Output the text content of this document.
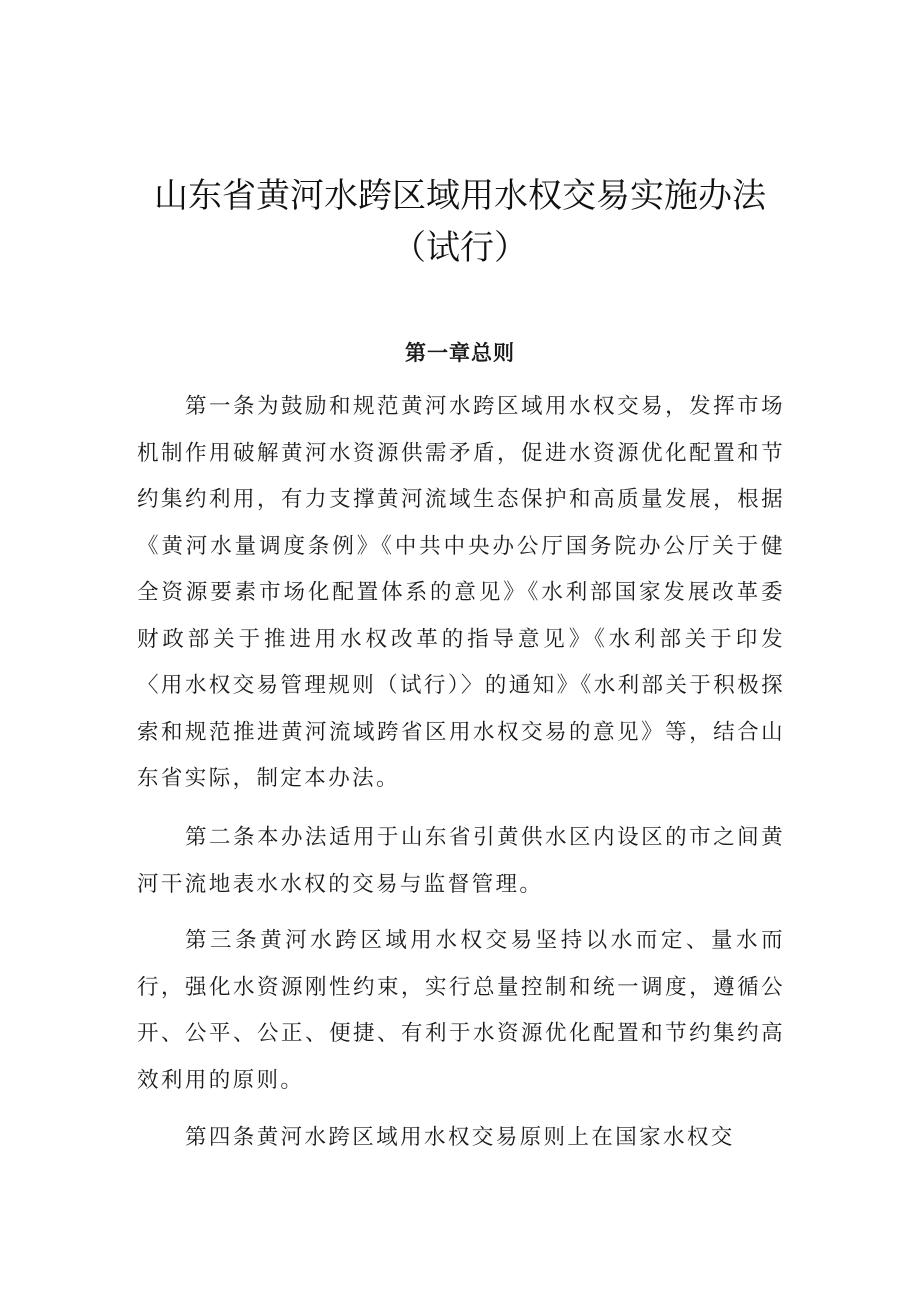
山东省黄河水跨区域用水权交易实施办法
（试行）
第一章总则

第一条为鼓励和规范黄河水跨区域用水权交易，发挥市场机制作用破解黄河水资源供需矛盾，促进水资源优化配置和节约集约利用，有力支撑黄河流域生态保护和高质量发展，根据《黄河水量调度条例》《中共中央办公厅国务院办公厅关于健全资源要素市场化配置体系的意见》《水利部国家发展改革委财政部关于推进用水权改革的指导意见》《水利部关于印发〈用水权交易管理规则（试行）〉的通知》《水利部关于积极探索和规范推进黄河流域跨省区用水权交易的意见》等，结合山东省实际，制定本办法。

第二条本办法适用于山东省引黄供水区内设区的市之间黄河干流地表水水权的交易与监督管理。

第三条黄河水跨区域用水权交易坚持以水而定、量水而行，强化水资源刚性约束，实行总量控制和统一调度，遵循公开、公平、公正、便捷、有利于水资源优化配置和节约集约高效利用的原则。

第四条黄河水跨区域用水权交易原则上在国家水权交
